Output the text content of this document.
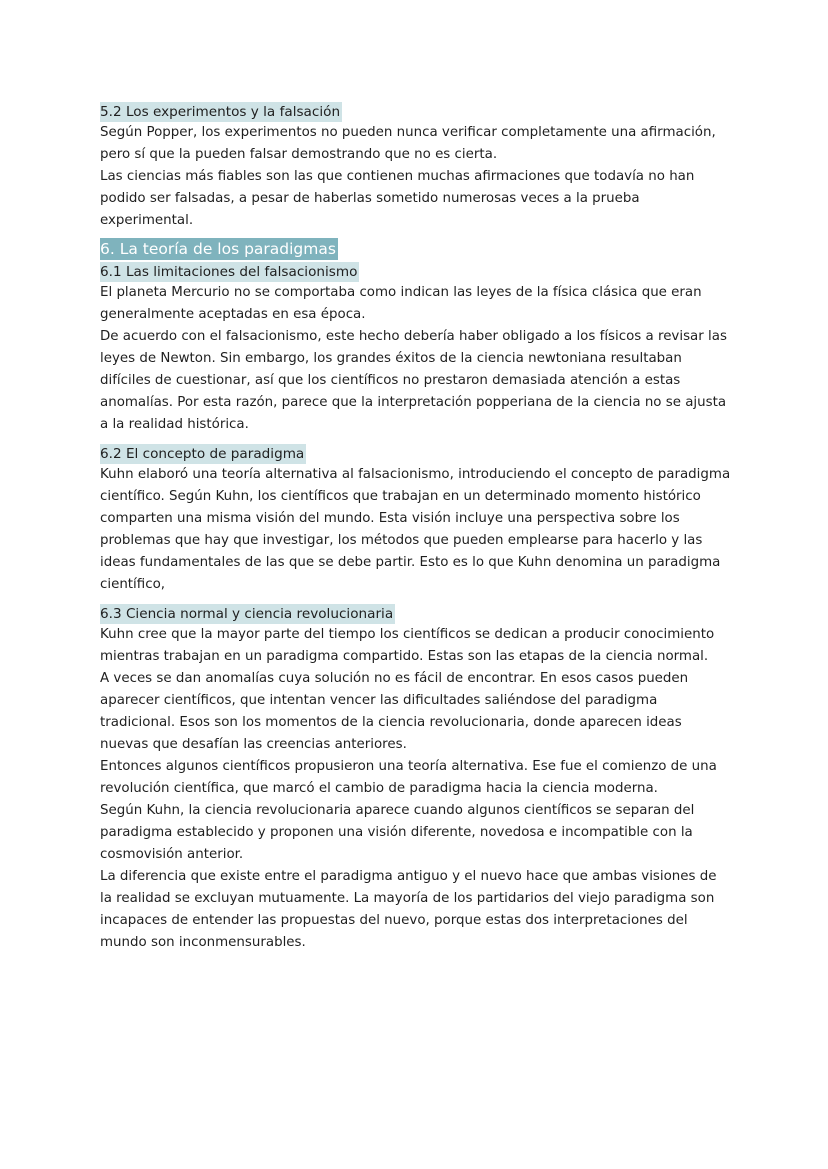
5.2 Los experimentos y la falsación

Según Popper, los experimentos no pueden nunca verificar completamente una afirmación, pero sí que la pueden falsar demostrando que no es cierta.

Las ciencias más fiables son las que contienen muchas afirmaciones que todavía no han podido ser falsadas, a pesar de haberlas sometido numerosas veces a la prueba experimental.

6. La teoría de los paradigmas
6.1 Las limitaciones del falsacionismo

El planeta Mercurio no se comportaba como indican las leyes de la física clásica que eran generalmente aceptadas en esa época.

De acuerdo con el falsacionismo, este hecho debería haber obligado a los físicos a revisar las leyes de Newton. Sin embargo, los grandes éxitos de la ciencia newtoniana resultaban difíciles de cuestionar, así que los científicos no prestaron demasiada atención a estas anomalías. Por esta razón, parece que la interpretación popperiana de la ciencia no se ajusta a la realidad histórica.

6.2 El concepto de paradigma

Kuhn elaboró una teoría alternativa al falsacionismo, introduciendo el concepto de paradigma científico. Según Kuhn, los científicos que trabajan en un determinado momento histórico comparten una misma visión del mundo. Esta visión incluye una perspectiva sobre los problemas que hay que investigar, los métodos que pueden emplearse para hacerlo y las ideas fundamentales de las que se debe partir. Esto es lo que Kuhn denomina un paradigma científico,

6.3 Ciencia normal y ciencia revolucionaria

Kuhn cree que la mayor parte del tiempo los científicos se dedican a producir conocimiento mientras trabajan en un paradigma compartido. Estas son las etapas de la ciencia normal.

A veces se dan anomalías cuya solución no es fácil de encontrar. En esos casos pueden aparecer científicos, que intentan vencer las dificultades saliéndose del paradigma tradicional. Esos son los momentos de la ciencia revolucionaria, donde aparecen ideas nuevas que desafían las creencias anteriores.

Entonces algunos científicos propusieron una teoría alternativa. Ese fue el comienzo de una revolución científica, que marcó el cambio de paradigma hacia la ciencia moderna.

Según Kuhn, la ciencia revolucionaria aparece cuando algunos científicos se separan del paradigma establecido y proponen una visión diferente, novedosa e incompatible con la cosmovisión anterior.

La diferencia que existe entre el paradigma antiguo y el nuevo hace que ambas visiones de la realidad se excluyan mutuamente. La mayoría de los partidarios del viejo paradigma son incapaces de entender las propuestas del nuevo, porque estas dos interpretaciones del mundo son inconmensurables.
